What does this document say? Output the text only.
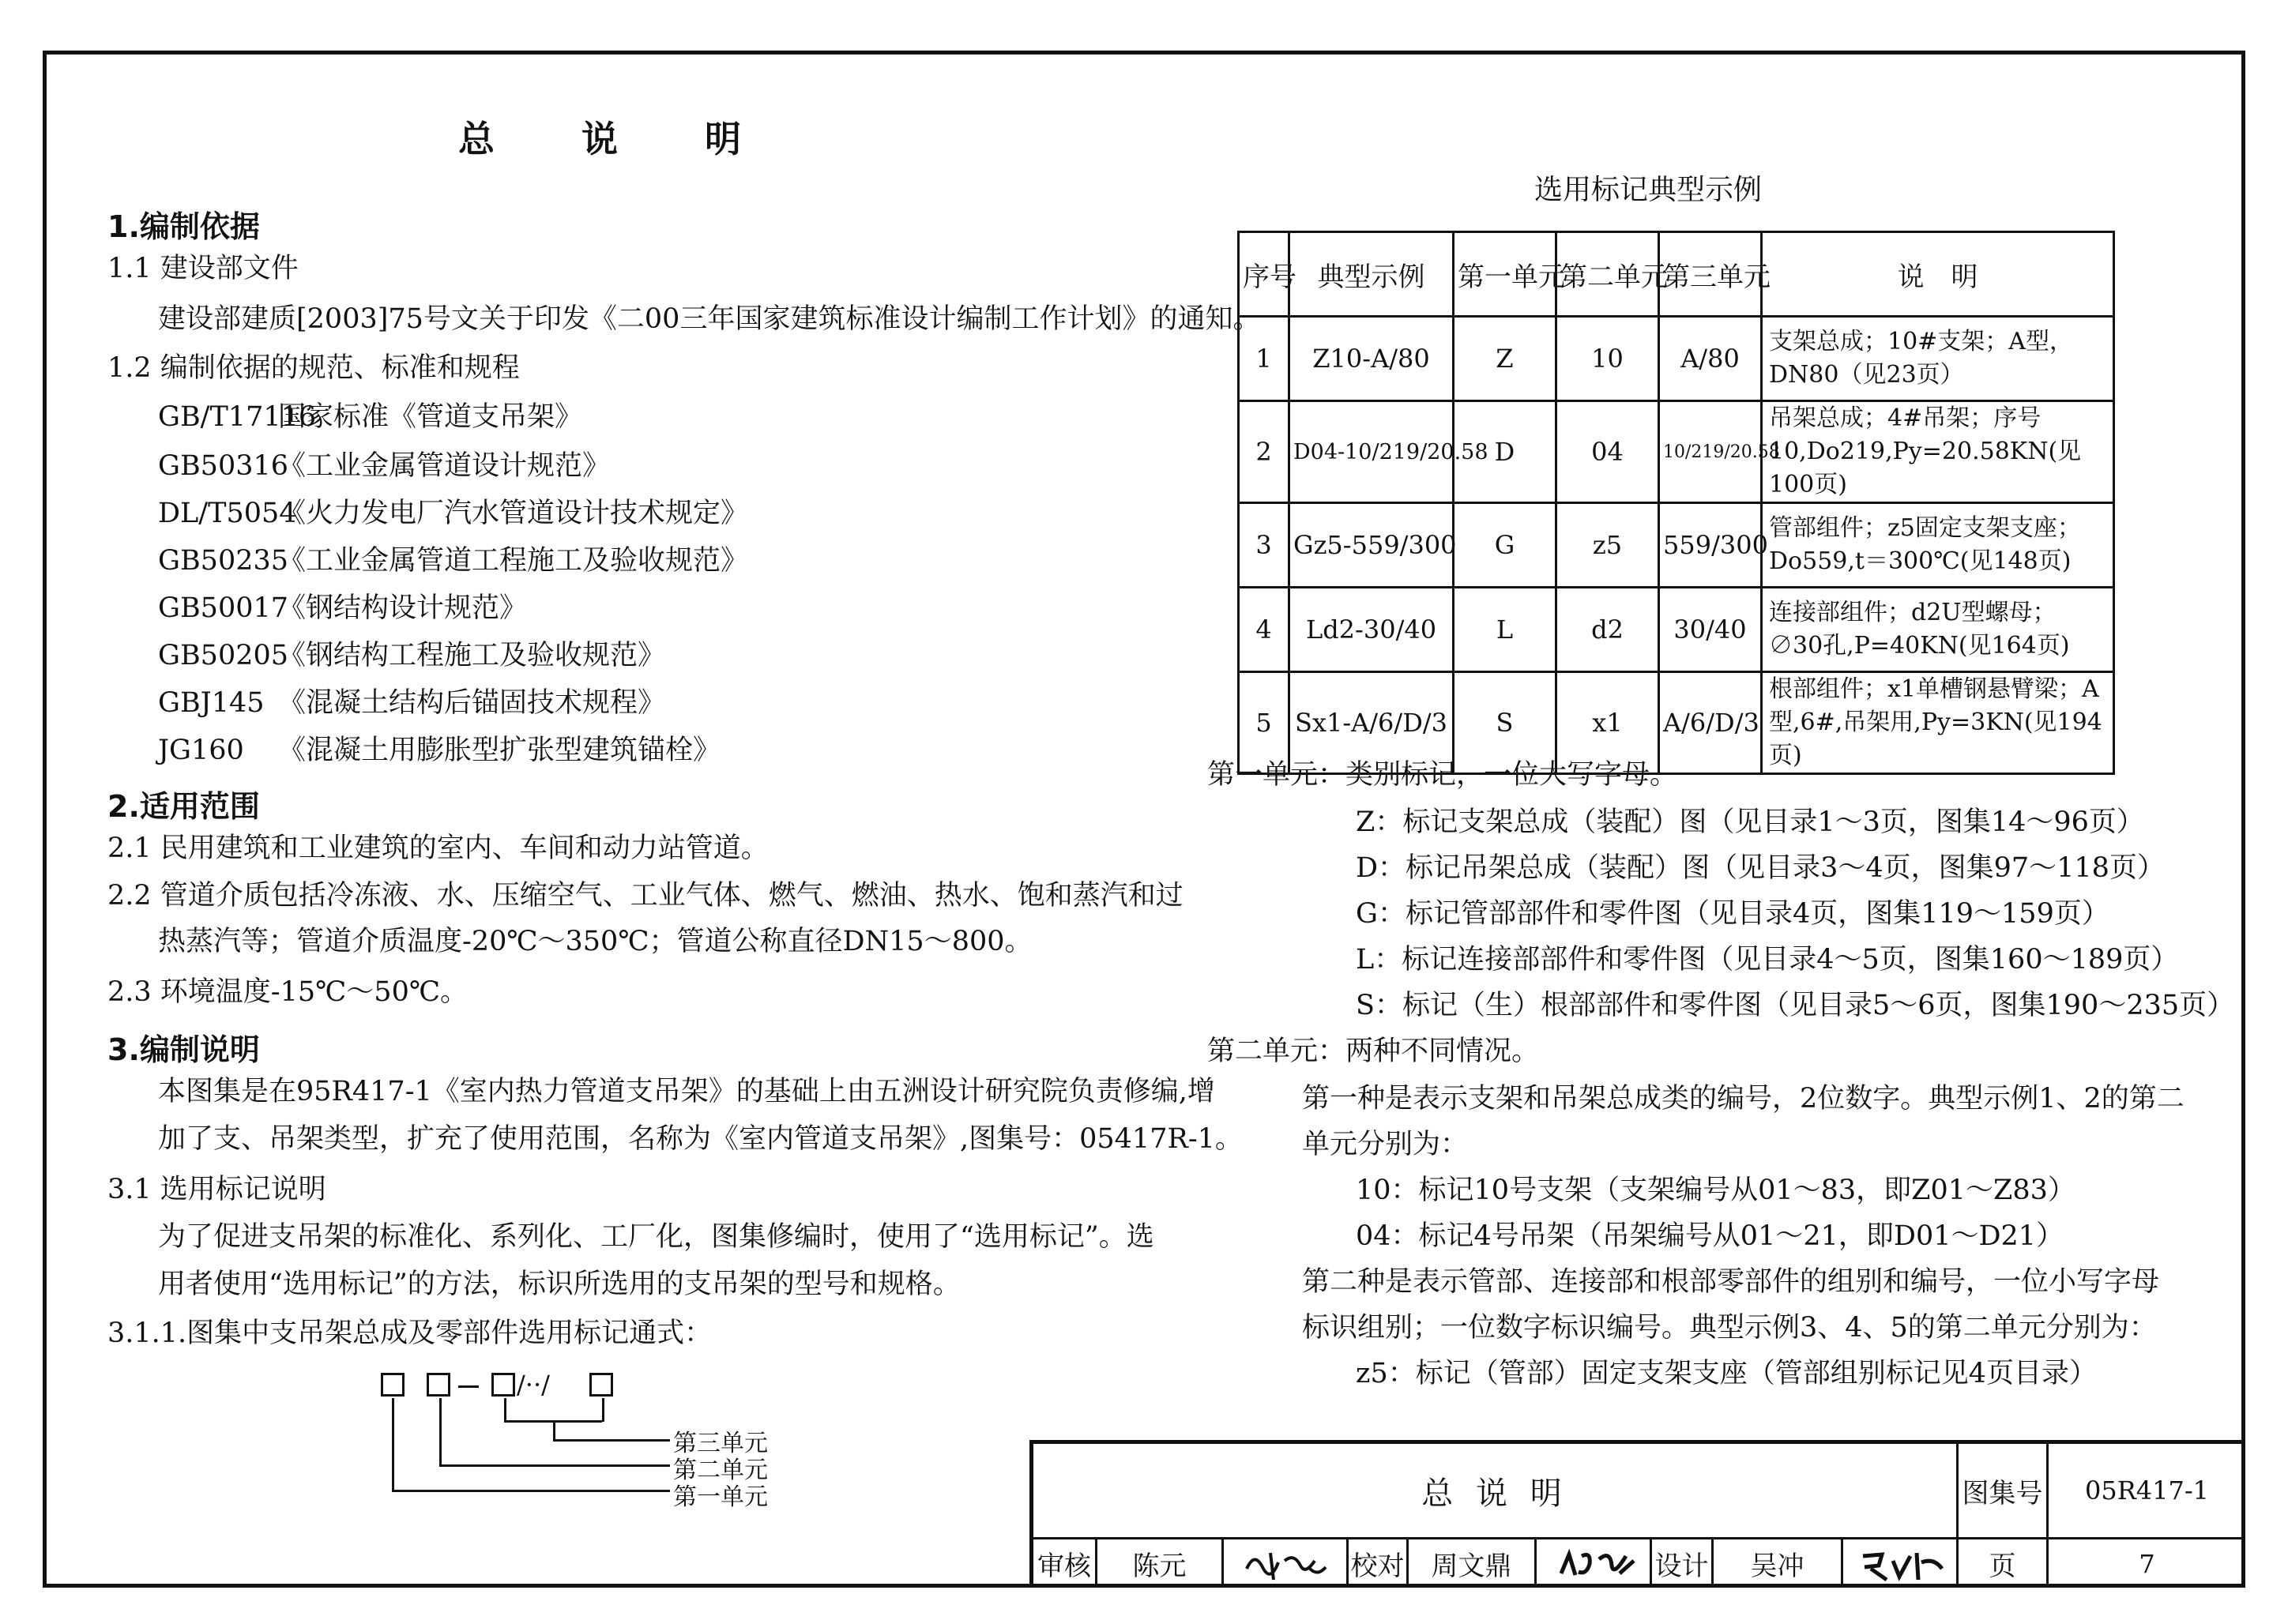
总 说 明
1.编制依据
1.1 建设部文件
建设部建质[2003]75号文关于印发《二00三年国家建筑标准设计编制工作计划》的通知。
1.2 编制依据的规范、标准和规程
GB/T17116国家标准《管道支吊架》
GB50316《工业金属管道设计规范》
DL/T5054《火力发电厂汽水管道设计技术规定》
GB50235《工业金属管道工程施工及验收规范》
GB50017《钢结构设计规范》
GB50205《钢结构工程施工及验收规范》
GBJ145 《混凝土结构后锚固技术规程》
JG160 《混凝土用膨胀型扩张型建筑锚栓》
2.适用范围
2.1 民用建筑和工业建筑的室内、车间和动力站管道。
2.2 管道介质包括冷冻液、水、压缩空气、工业气体、燃气、燃油、热水、饱和蒸汽和过
热蒸汽等；管道介质温度-20℃～350℃；管道公称直径DN15～800。
2.3 环境温度-15℃～50℃。
3.编制说明
本图集是在95R417-1《室内热力管道支吊架》的基础上由五洲设计研究院负责修编,增
加了支、吊架类型，扩充了使用范围，名称为《室内管道支吊架》,图集号：05417R-1。
3.1 选用标记说明
为了促进支吊架的标准化、系列化、工厂化，图集修编时，使用了“选用标记”。选
用者使用“选用标记”的方法，标识所选用的支吊架的型号和规格。
3.1.1.图集中支吊架总成及零部件选用标记通式：
/··/
第三单元
第二单元
第一单元
选用标记典型示例
序号	典型示例	第一单元	第二单元	第三单元	说　明
1	Z10-A/80	Z	10	A/80	支架总成；10#支架；A型，DN80（见23页）
2	D04-10/219/20.58	D	04	10/219/20.58	吊架总成；4#吊架；序号10,Do219,Py=20.58KN(见100页)
3	Gz5-559/300	G	z5	559/300	管部组件；z5固定支架支座；Do559,t＝300℃(见148页)
4	Ld2-30/40	L	d2	30/40	连接部组件；d2U型螺母；∅30孔,P=40KN(见164页)
5	Sx1-A/6/D/3	S	x1	A/6/D/3	根部组件；x1单槽钢悬臂梁；A型,6#,吊架用,Py=3KN(见194页)
第一单元：类别标记，一位大写字母。
Z：标记支架总成（装配）图（见目录1～3页，图集14～96页）
D：标记吊架总成（装配）图（见目录3～4页，图集97～118页）
G：标记管部部件和零件图（见目录4页，图集119～159页）
L：标记连接部部件和零件图（见目录4～5页，图集160～189页）
S：标记（生）根部部件和零件图（见目录5～6页，图集190～235页）
第二单元：两种不同情况。
第一种是表示支架和吊架总成类的编号，2位数字。典型示例1、2的第二
单元分别为：
10：标记10号支架（支架编号从01～83，即Z01～Z83）
04：标记4号吊架（吊架编号从01～21，即D01～D21）
第二种是表示管部、连接部和根部零部件的组别和编号，一位小写字母
标识组别；一位数字标识编号。典型示例3、4、5的第二单元分别为：
z5：标记（管部）固定支架支座（管部组别标记见4页目录）
总 说 明	图集号	05R417-1
审核	陈元	校对	周文鼎	设计	吴冲	页	7
